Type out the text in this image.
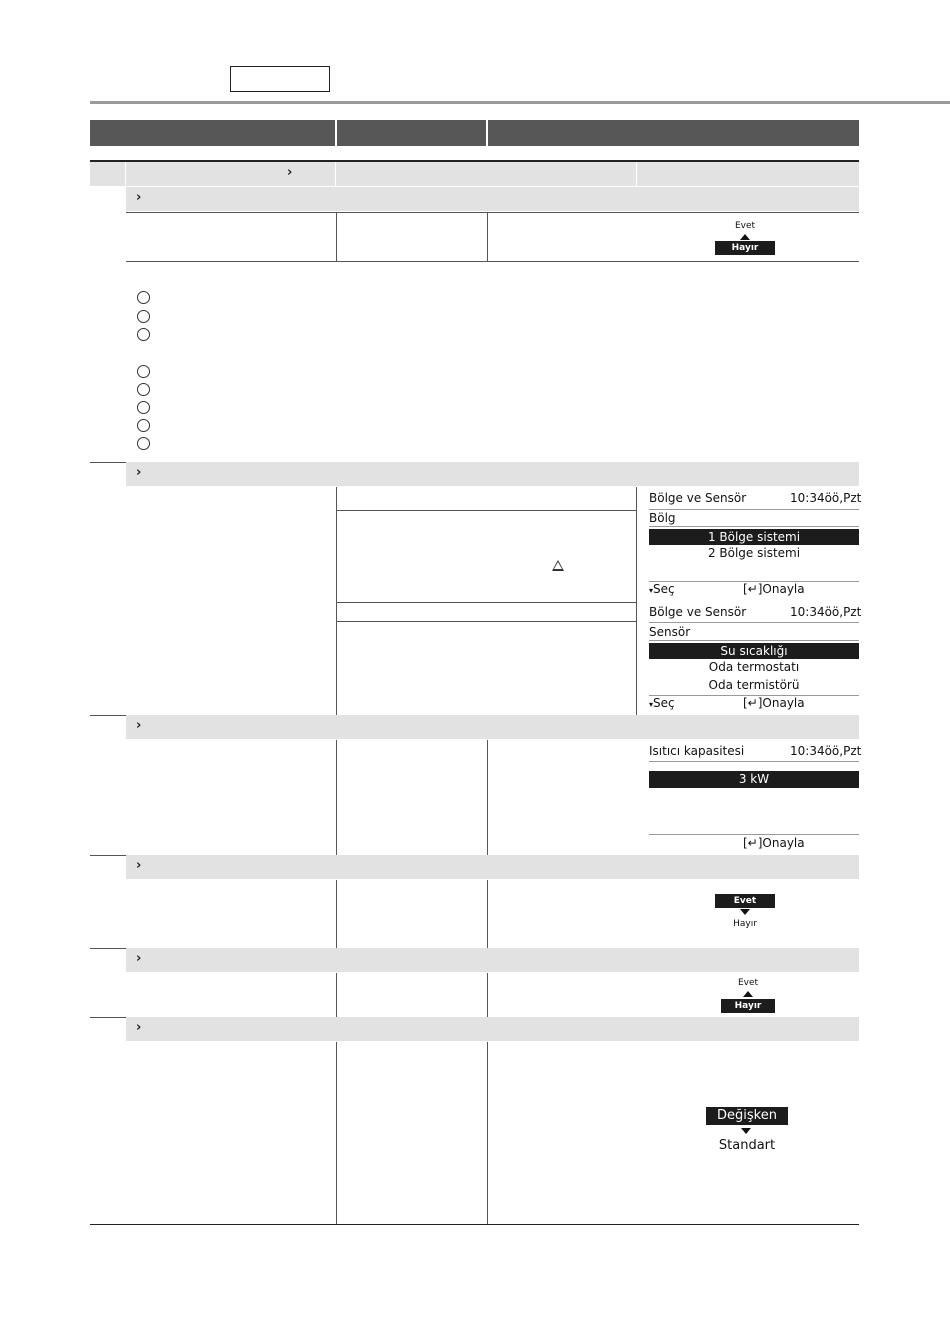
›
›
Evet
Hayır
›
Bölge ve Sensör	10:34öö,Pzt
Bölg
1 Bölge sistemi
2 Bölge sistemi
▾Seç	[↵]Onayla
Bölge ve Sensör	10:34öö,Pzt
Sensör
Su sıcaklığı
Oda termostatı
Oda termistörü
▾Seç	[↵]Onayla
›
Isıtıcı kapasitesi	10:34öö,Pzt
3 kW
[↵]Onayla
›
Evet
Hayır
›
Evet
Hayır
›
Değişken
Standart
